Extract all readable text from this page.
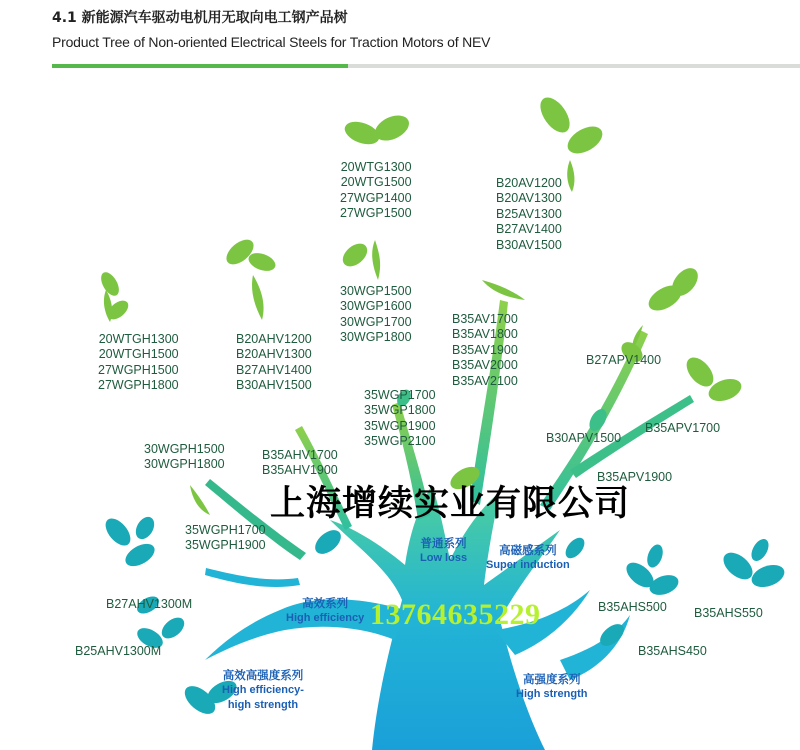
4.1 新能源汽车驱动电机用无取向电工钢产品树
Product Tree of Non-oriented Electrical Steels for Traction Motors of NEV
20WTGH1300
20WTGH1500
27WGPH1500
27WGPH1800
30WGPH1500
30WGPH1800
35WGPH1700
35WGPH1900
B20AHV1200
B20AHV1300
B27AHV1400
B30AHV1500
B35AHV1700
B35AHV1900
B27AHV1300M
B25AHV1300M
20WTG1300
20WTG1500
27WGP1400
27WGP1500
30WGP1500
30WGP1600
30WGP1700
30WGP1800
35WGP1700
35WGP1800
35WGP1900
35WGP2100
B20AV1200
B20AV1300
B25AV1300
B27AV1400
B30AV1500
B35AV1700
B35AV1800
B35AV1900
B35AV2000
B35AV2100
B27APV1400
B30APV1500
B35APV1700
B35APV1900
B35AHS500 B35AHS550
B35AHS450
普通系列
Low loss
高磁感系列
Super induction
高效系列
High efficiency
高效高强度系列
High efficiency-
high strength
高强度系列
High strength
上海增续实业有限公司
13764635229
